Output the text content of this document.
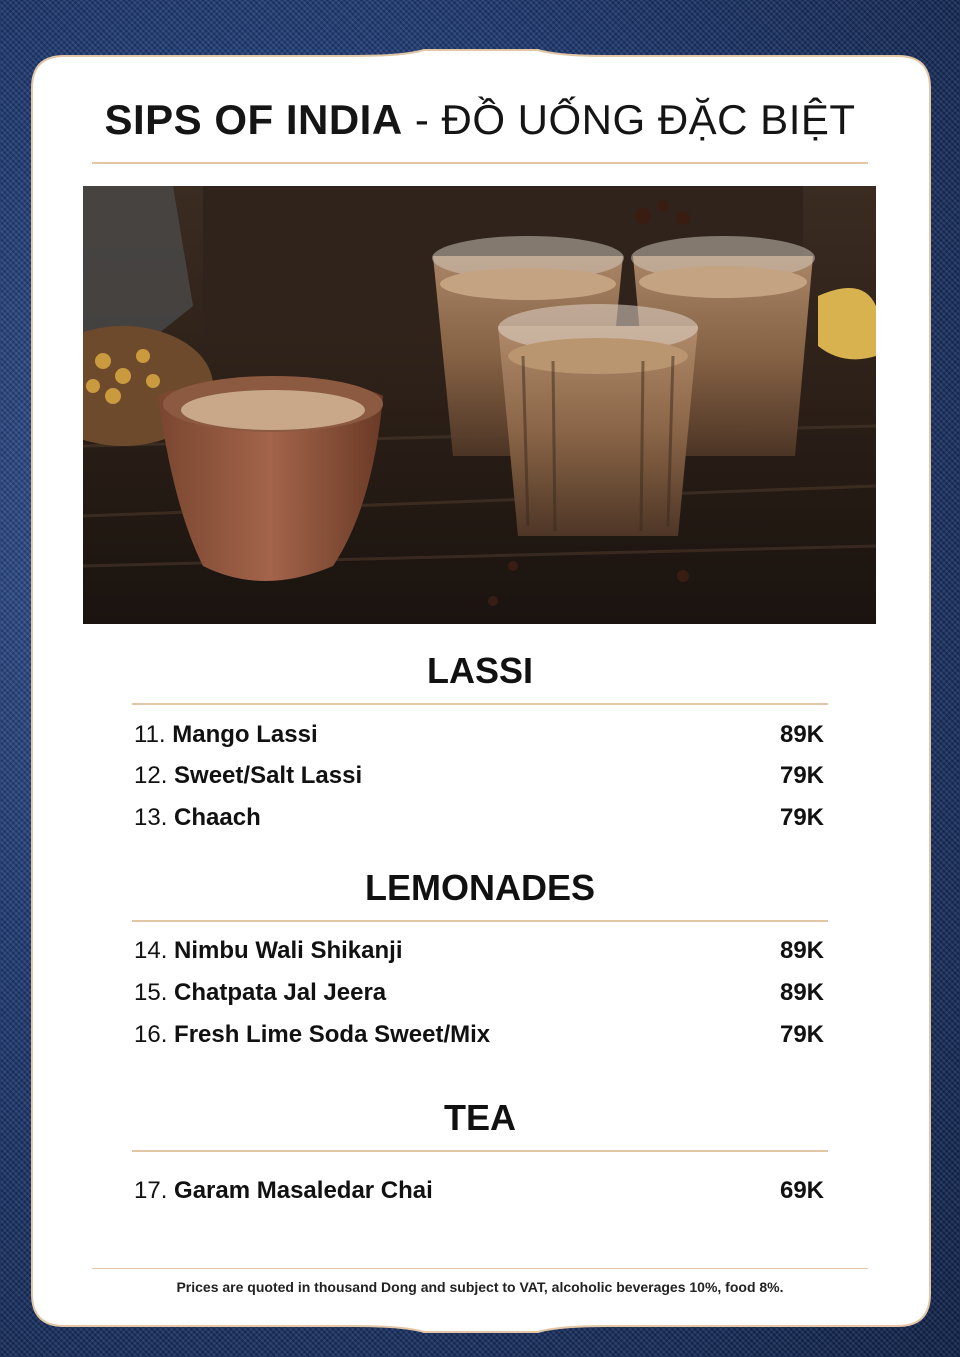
SIPS OF INDIA - ĐỒ UỐNG ĐẶC BIỆT
LASSI
11. Mango Lassi	89K
12. Sweet/Salt Lassi	79K
13. Chaach	79K
LEMONADES
14. Nimbu Wali Shikanji	89K
15. Chatpata Jal Jeera	89K
16. Fresh Lime Soda Sweet/Mix	79K
TEA
17. Garam Masaledar Chai	69K
Prices are quoted in thousand Dong and subject to VAT, alcoholic beverages 10%, food 8%.
